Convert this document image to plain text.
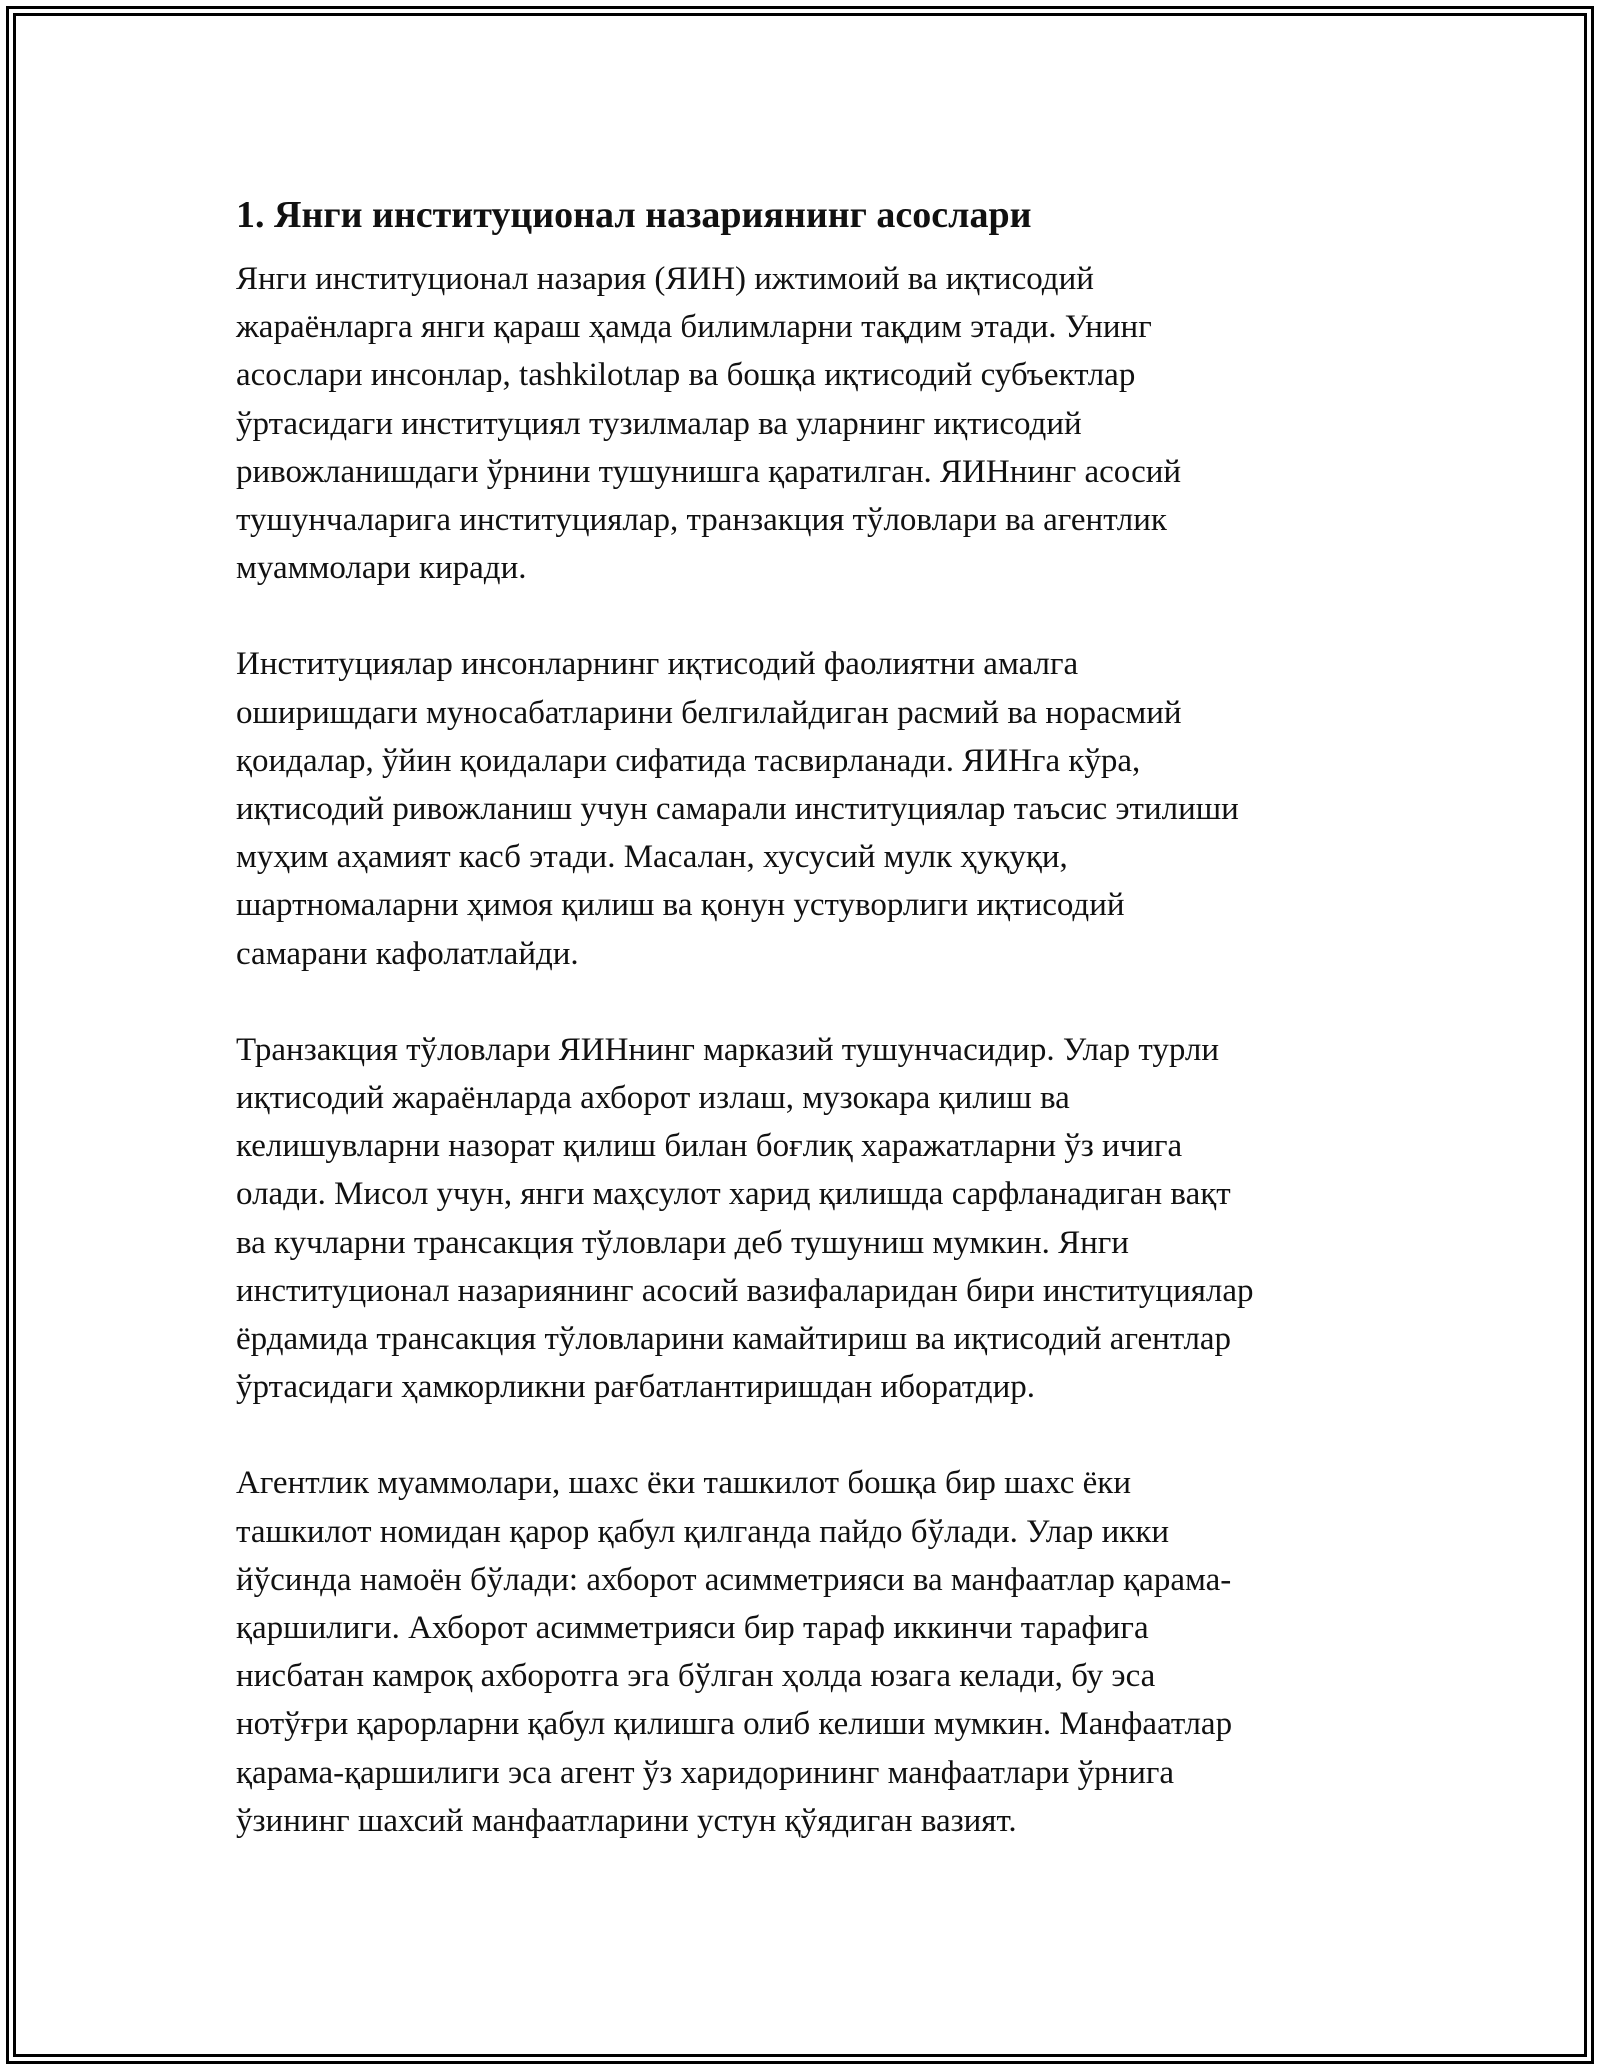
1. Янги институционал назариянинг асослари

Янги институционал назария (ЯИН) ижтимоий ва иқтисодий
жараёнларга янги қараш ҳамда билимларни тақдим этади. Унинг
асослари инсонлар, tashkilotлар ва бошқа иқтисодий субъектлар
ўртасидаги институциял тузилмалар ва уларнинг иқтисодий
ривожланишдаги ўрнини тушунишга қаратилган. ЯИНнинг асосий
тушунчаларига институциялар, транзакция тўловлари ва агентлик
муаммолари киради.

Институциялар инсонларнинг иқтисодий фаолиятни амалга
оширишдаги муносабатларини белгилайдиган расмий ва норасмий
қоидалар, ўйин қоидалари сифатида тасвирланади. ЯИНга кўра,
иқтисодий ривожланиш учун самарали институциялар таъсис этилиши
муҳим аҳамият касб этади. Масалан, хусусий мулк ҳуқуқи,
шартномаларни ҳимоя қилиш ва қонун устуворлиги иқтисодий
самарани кафолатлайди.

Транзакция тўловлари ЯИНнинг марказий тушунчасидир. Улар турли
иқтисодий жараёнларда ахборот излаш, музокара қилиш ва
келишувларни назорат қилиш билан боғлиқ харажатларни ўз ичига
олади. Мисол учун, янги маҳсулот харид қилишда сарфланадиган вақт
ва кучларни трансакция тўловлари деб тушуниш мумкин. Янги
институционал назариянинг асосий вазифаларидан бири институциялар
ёрдамида трансакция тўловларини камайтириш ва иқтисодий агентлар
ўртасидаги ҳамкорликни рағбатлантиришдан иборатдир.

Агентлик муаммолари, шахс ёки ташкилот бошқа бир шахс ёки
ташкилот номидан қарор қабул қилганда пайдо бўлади. Улар икки
йўсинда намоён бўлади: ахборот асимметрияси ва манфаатлар қарама-
қаршилиги. Ахборот асимметрияси бир тараф иккинчи тарафига
нисбатан камроқ ахборотга эга бўлган ҳолда юзага келади, бу эса
нотўғри қарорларни қабул қилишга олиб келиши мумкин. Манфаатлар
қарама-қаршилиги эса агент ўз харидорининг манфаатлари ўрнига
ўзининг шахсий манфаатларини устун қўядиган вазият.
